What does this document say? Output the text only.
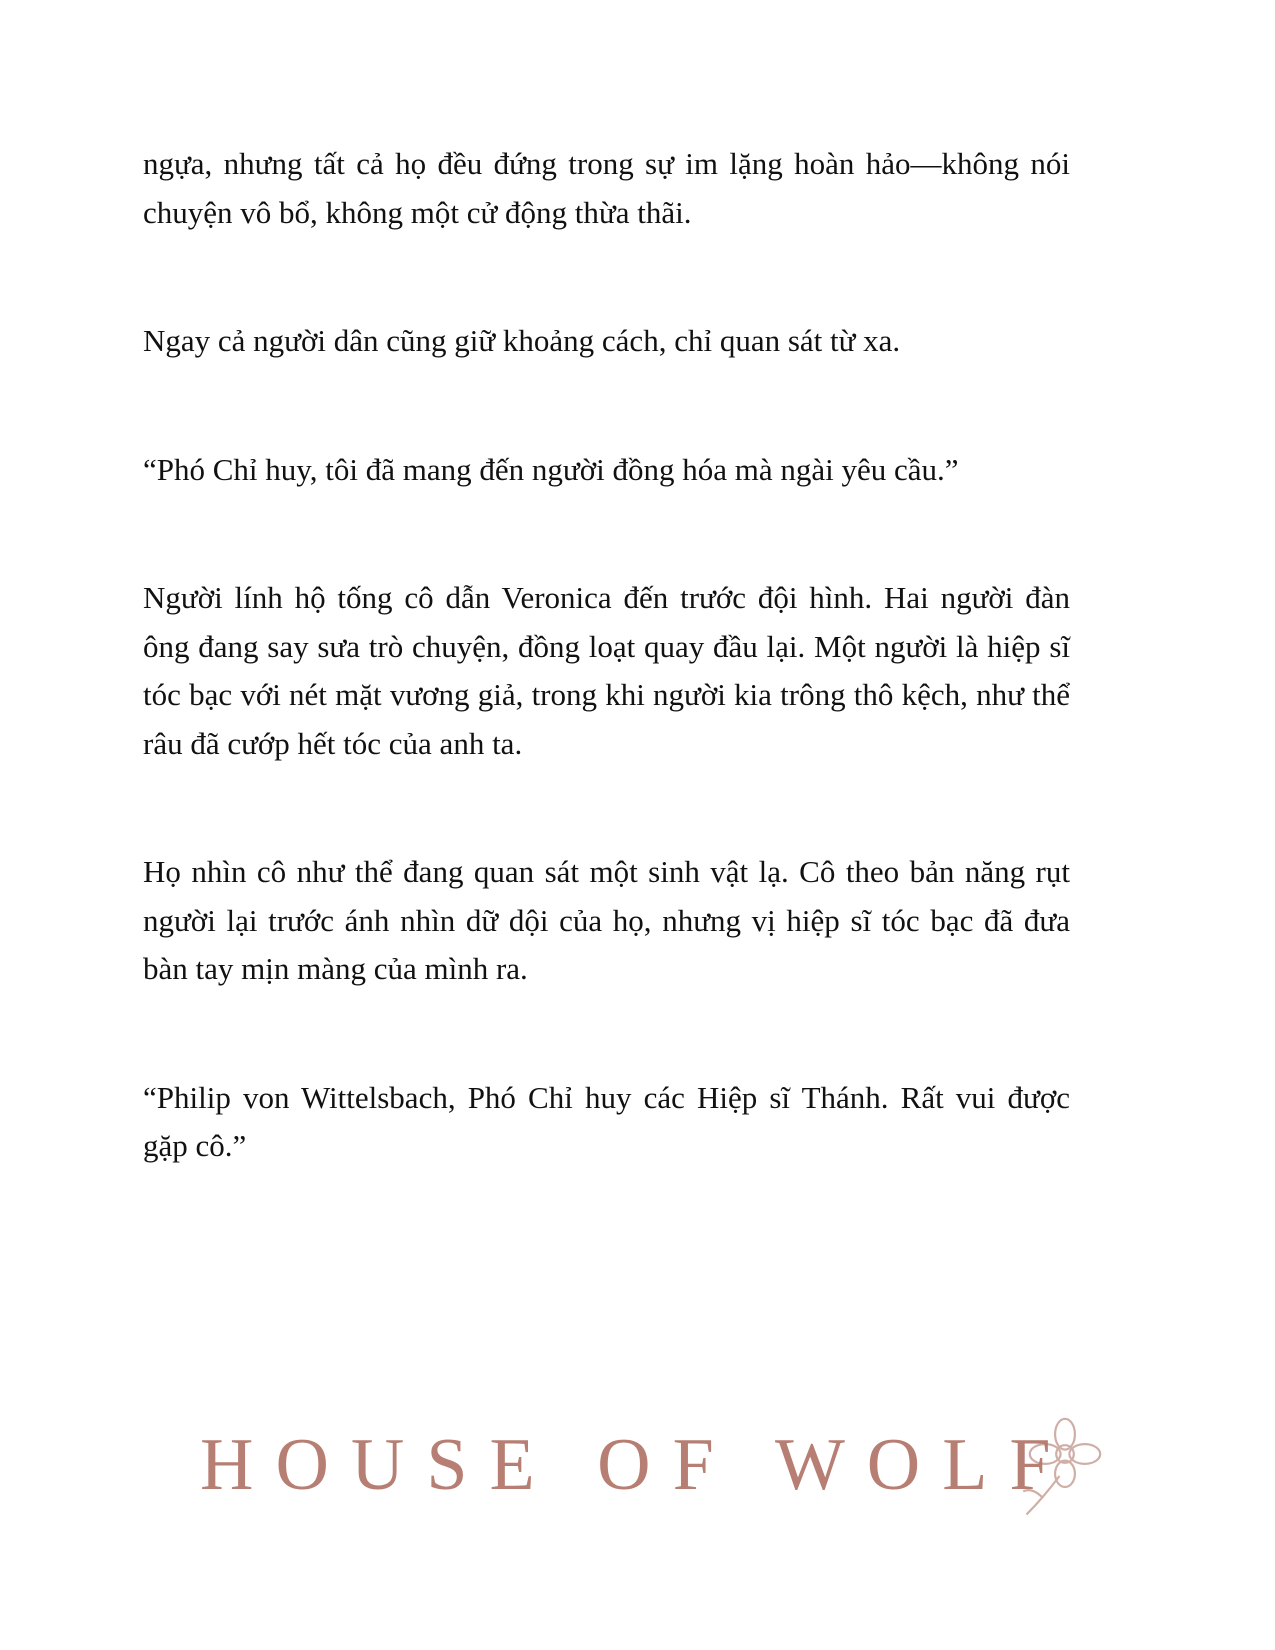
ngựa, nhưng tất cả họ đều đứng trong sự im lặng hoàn hảo—không nói chuyện vô bổ, không một cử động thừa thãi.

Ngay cả người dân cũng giữ khoảng cách, chỉ quan sát từ xa.

“Phó Chỉ huy, tôi đã mang đến người đồng hóa mà ngài yêu cầu.”

Người lính hộ tống cô dẫn Veronica đến trước đội hình. Hai người đàn ông đang say sưa trò chuyện, đồng loạt quay đầu lại. Một người là hiệp sĩ tóc bạc với nét mặt vương giả, trong khi người kia trông thô kệch, như thể râu đã cướp hết tóc của anh ta.

Họ nhìn cô như thể đang quan sát một sinh vật lạ. Cô theo bản năng rụt người lại trước ánh nhìn dữ dội của họ, nhưng vị hiệp sĩ tóc bạc đã đưa bàn tay mịn màng của mình ra.

“Philip von Wittelsbach, Phó Chỉ huy các Hiệp sĩ Thánh. Rất vui được gặp cô.”

HOUSE OF WOLF
